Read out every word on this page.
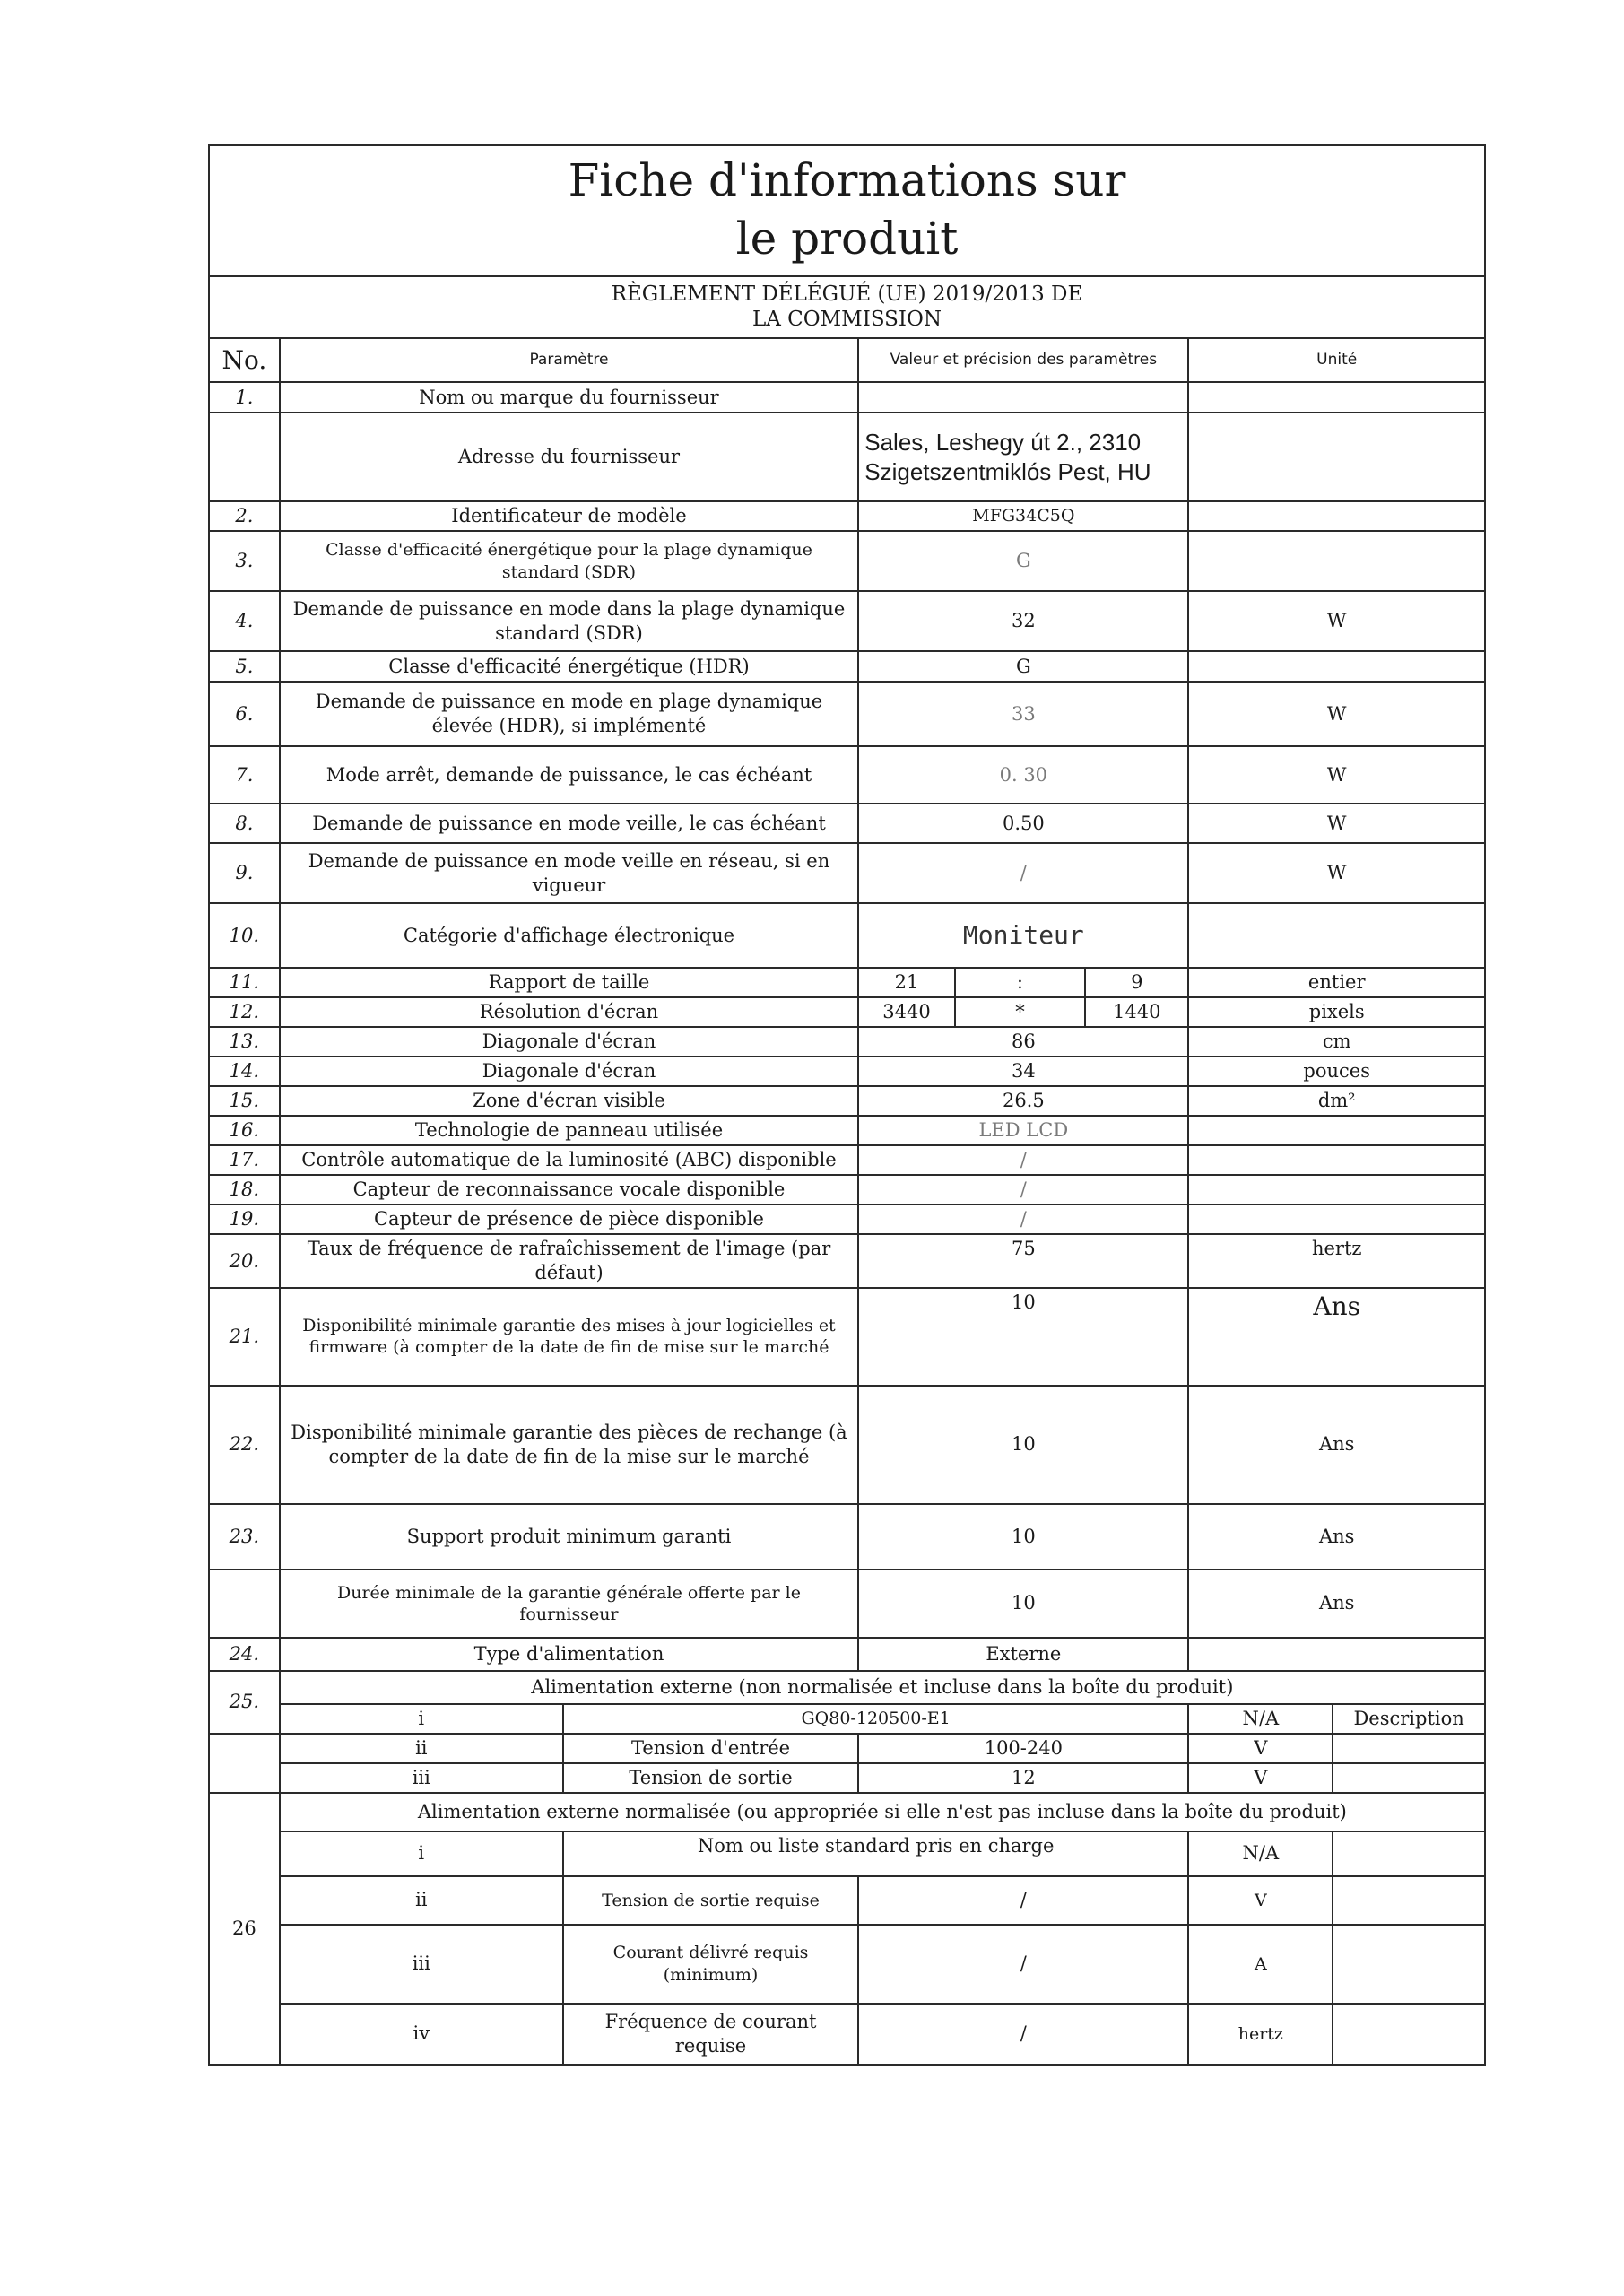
Fiche d'informations sur le produit							
RÈGLEMENT DÉLÉGUÉ (UE) 2019/2013 DE LA COMMISSION							
No.	Paramètre		Valeur et précision des paramètres			Unité	
1.	Nom ou marque du fournisseur						
	Adresse du fournisseur		Sales, Leshegy út 2., 2310 Szigetszentmiklós Pest, HU				
2.	Identificateur de modèle		MFG34C5Q				
3.	Classe d'efficacité énergétique pour la plage dynamique standard (SDR)		G				
4.	Demande de puissance en mode dans la plage dynamique standard (SDR)		32			W	
5.	Classe d'efficacité énergétique (HDR)		G				
6.	Demande de puissance en mode en plage dynamique élevée (HDR), si implémenté		33			W	
7.	Mode arrêt, demande de puissance, le cas échéant		0. 30			W	
8.	Demande de puissance en mode veille, le cas échéant		0.50			W	
9.	Demande de puissance en mode veille en réseau, si en vigueur		/			W	
10.	Catégorie d'affichage électronique		Moniteur				
11.	Rapport de taille		21	:	9	entier	
12.	Résolution d'écran		3440	*	1440	pixels	
13.	Diagonale d'écran		86			cm	
14.	Diagonale d'écran		34			pouces	
15.	Zone d'écran visible		26.5			dm²	
16.	Technologie de panneau utilisée		LED LCD				
17.	Contrôle automatique de la luminosité (ABC) disponible		/				
18.	Capteur de reconnaissance vocale disponible		/				
19.	Capteur de présence de pièce disponible		/				
20.	Taux de fréquence de rafraîchissement de l'image (par défaut)		75			hertz	
21.	Disponibilité minimale garantie des mises à jour logicielles et firmware (à compter de la date de fin de mise sur le marché		10			Ans	
22.	Disponibilité minimale garantie des pièces de rechange (à compter de la date de fin de la mise sur le marché		10			Ans	
23.	Support produit minimum garanti		10			Ans	
	Durée minimale de la garantie générale offerte par le fournisseur		10			Ans	
24.	Type d'alimentation		Externe				
25.	Alimentation externe (non normalisée et incluse dans la boîte du produit)						
	i	GQ80-120500-E1				N/A	Description
	ii	Tension d'entrée	100-240			V	
	iii	Tension de sortie	12			V	
26	Alimentation externe normalisée (ou appropriée si elle n'est pas incluse dans la boîte du produit)						
	i	Nom ou liste standard pris en charge				N/A	
	ii	Tension de sortie requise	/			V	
	iii	Courant délivré requis (minimum)	/			A	
	iv	Fréquence de courant requise	/			hertz	
